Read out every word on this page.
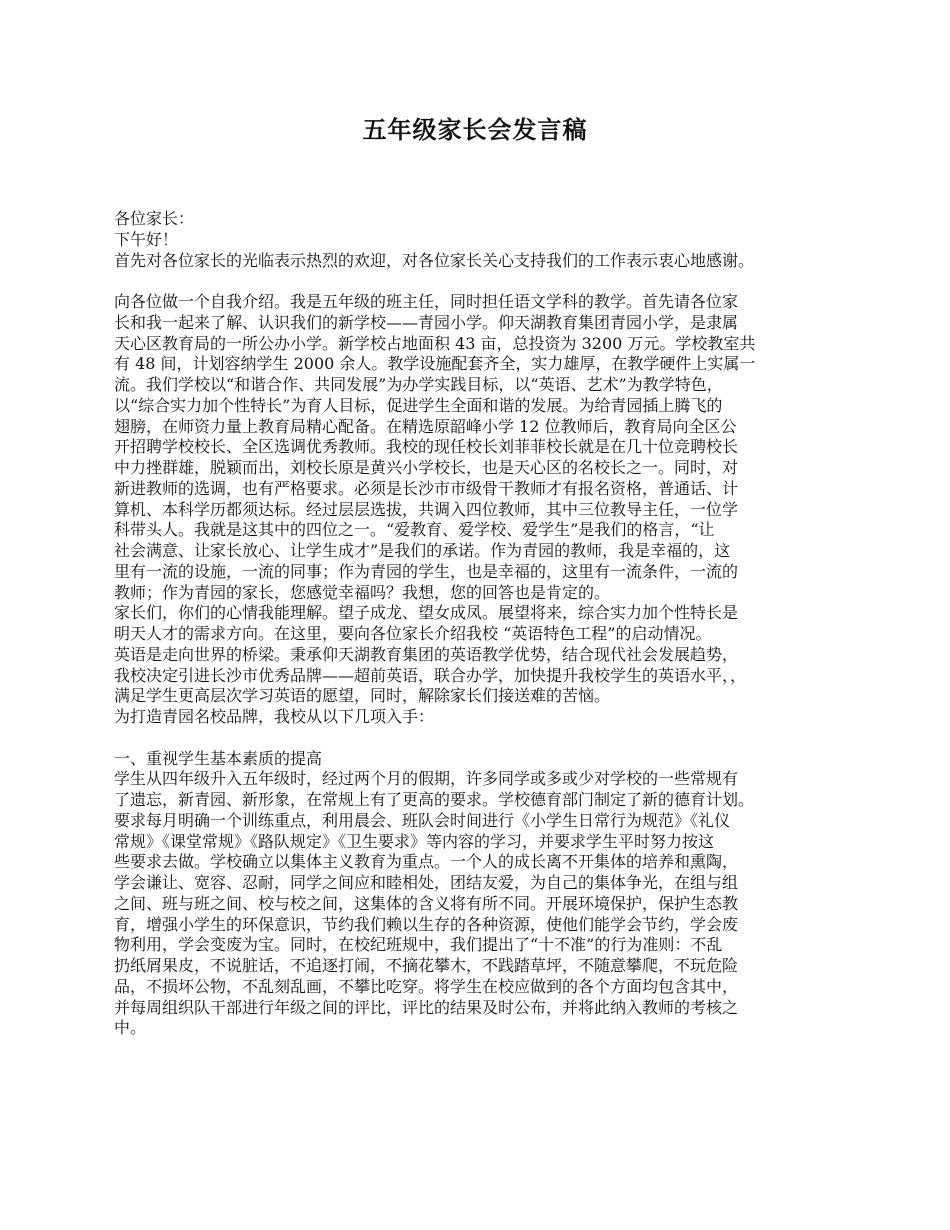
五年级家长会发言稿

各位家长：

下午好！

首先对各位家长的光临表示热烈的欢迎，对各位家长关心支持我们的工作表示衷心地感谢。

向各位做一个自我介绍。我是五年级的班主任，同时担任语文学科的教学。首先请各位家

长和我一起来了解、认识我们的新学校——青园小学。仰天湖教育集团青园小学，是隶属

天心区教育局的一所公办小学。新学校占地面积 43 亩，总投资为 3200 万元。学校教室共

有 48 间，计划容纳学生 2000 余人。教学设施配套齐全，实力雄厚，在教学硬件上实属一

流。我们学校以“和谐合作、共同发展”为办学实践目标，以“英语、艺术”为教学特色，

以“综合实力加个性特长”为育人目标，促进学生全面和谐的发展。为给青园插上腾飞的

翅膀，在师资力量上教育局精心配备。在精选原韶峰小学 12 位教师后，教育局向全区公

开招聘学校校长、全区选调优秀教师。我校的现任校长刘菲菲校长就是在几十位竞聘校长

中力挫群雄，脱颖而出，刘校长原是黄兴小学校长，也是天心区的名校长之一。同时，对

新进教师的选调，也有严格要求。必须是长沙市市级骨干教师才有报名资格，普通话、计

算机、本科学历都须达标。经过层层选拔，共调入四位教师，其中三位教导主任，一位学

科带头人。我就是这其中的四位之一。“爱教育、爱学校、爱学生”是我们的格言，“让

社会满意、让家长放心、让学生成才”是我们的承诺。作为青园的教师，我是幸福的，这

里有一流的设施，一流的同事；作为青园的学生，也是幸福的，这里有一流条件，一流的

教师；作为青园的家长，您感觉幸福吗？我想，您的回答也是肯定的。

家长们，你们的心情我能理解。望子成龙、望女成凤。展望将来，综合实力加个性特长是

明天人才的需求方向。在这里，要向各位家长介绍我校 “英语特色工程”的启动情况。

英语是走向世界的桥梁。秉承仰天湖教育集团的英语教学优势，结合现代社会发展趋势，

我校决定引进长沙市优秀品牌——超前英语，联合办学，加快提升我校学生的英语水平，，

满足学生更高层次学习英语的愿望，同时，解除家长们接送难的苦恼。

为打造青园名校品牌，我校从以下几项入手：

一、重视学生基本素质的提高

学生从四年级升入五年级时，经过两个月的假期，许多同学或多或少对学校的一些常规有

了遗忘，新青园、新形象，在常规上有了更高的要求。学校德育部门制定了新的德育计划。

要求每月明确一个训练重点，利用晨会、班队会时间进行《小学生日常行为规范》《礼仪

常规》《课堂常规》《路队规定》《卫生要求》等内容的学习，并要求学生平时努力按这

些要求去做。学校确立以集体主义教育为重点。一个人的成长离不开集体的培养和熏陶，

学会谦让、宽容、忍耐，同学之间应和睦相处，团结友爱，为自己的集体争光，在组与组

之间、班与班之间、校与校之间，这集体的含义将有所不同。开展环境保护，保护生态教

育，增强小学生的环保意识，节约我们赖以生存的各种资源，使他们能学会节约，学会废

物利用，学会变废为宝。同时，在校纪班规中，我们提出了“十不准”的行为准则：不乱

扔纸屑果皮，不说脏话，不追逐打闹，不摘花攀木，不践踏草坪，不随意攀爬，不玩危险

品，不损坏公物，不乱刻乱画，不攀比吃穿。将学生在校应做到的各个方面均包含其中，

并每周组织队干部进行年级之间的评比，评比的结果及时公布，并将此纳入教师的考核之

中。
